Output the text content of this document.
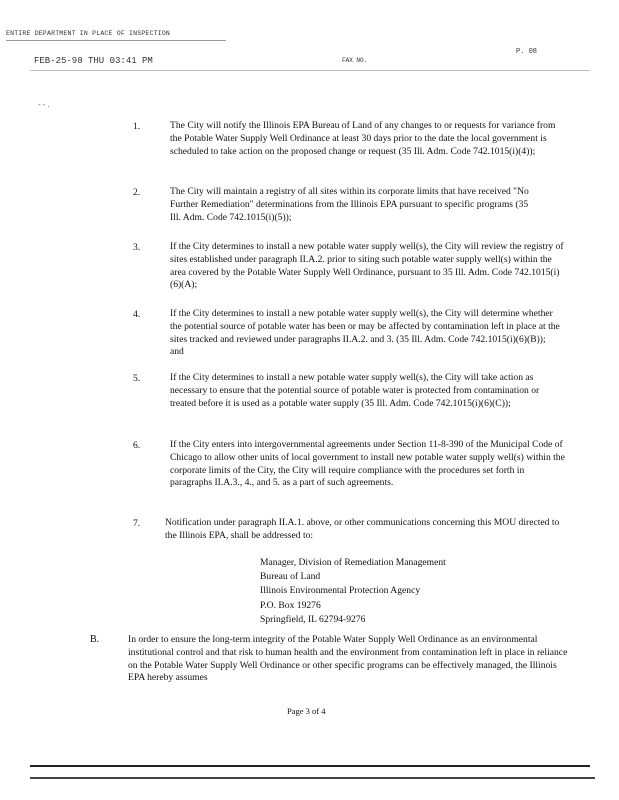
ENTIRE DEPARTMENT IN PLACE OF INSPECTION
FEB-25-98 THU 03:41 PM	FAX NO.
P. 08
- - .
1.	The City will notify the Illinois EPA Bureau of Land of any changes to or requests for variance from the Potable Water Supply Well Ordinance at least 30 days prior to the date the local government is scheduled to take action on the proposed change or request (35 Ill. Adm. Code 742.1015(i)(4));
2.	The City will maintain a registry of all sites within its corporate limits that have received "No Further Remediation" determinations from the Illinois EPA pursuant to specific programs (35 Ill. Adm. Code 742.1015(i)(5));
3.	If the City determines to install a new potable water supply well(s), the City will review the registry of sites established under paragraph II.A.2. prior to siting such potable water supply well(s) within the area covered by the Potable Water Supply Well Ordinance, pursuant to 35 Ill. Adm. Code 742.1015(i)(6)(A);
4.	If the City determines to install a new potable water supply well(s), the City will determine whether the potential source of potable water has been or may be affected by contamination left in place at the sites tracked and reviewed under paragraphs II.A.2. and 3. (35 Ill. Adm. Code 742.1015(i)(6)(B)); and
5.	If the City determines to install a new potable water supply well(s), the City will take action as necessary to ensure that the potential source of potable water is protected from contamination or treated before it is used as a potable water supply (35 Ill. Adm. Code 742.1015(i)(6)(C));
6.	If the City enters into intergovernmental agreements under Section 11-8-390 of the Municipal Code of Chicago to allow other units of local government to install new potable water supply well(s) within the corporate limits of the City, the City will require compliance with the procedures set forth in paragraphs II.A.3., 4., and 5. as a part of such agreements.
7.	Notification under paragraph II.A.1. above, or other communications concerning this MOU directed to the Illinois EPA, shall be addressed to:
Manager, Division of Remediation Management
Bureau of Land
Illinois Environmental Protection Agency
P.O. Box 19276
Springfield, IL 62794-9276
B.	In order to ensure the long-term integrity of the Potable Water Supply Well Ordinance as an environmental institutional control and that risk to human health and the environment from contamination left in place in reliance on the Potable Water Supply Well Ordinance or other specific programs can be effectively managed, the Illinois EPA hereby assumes
Page 3 of 4
